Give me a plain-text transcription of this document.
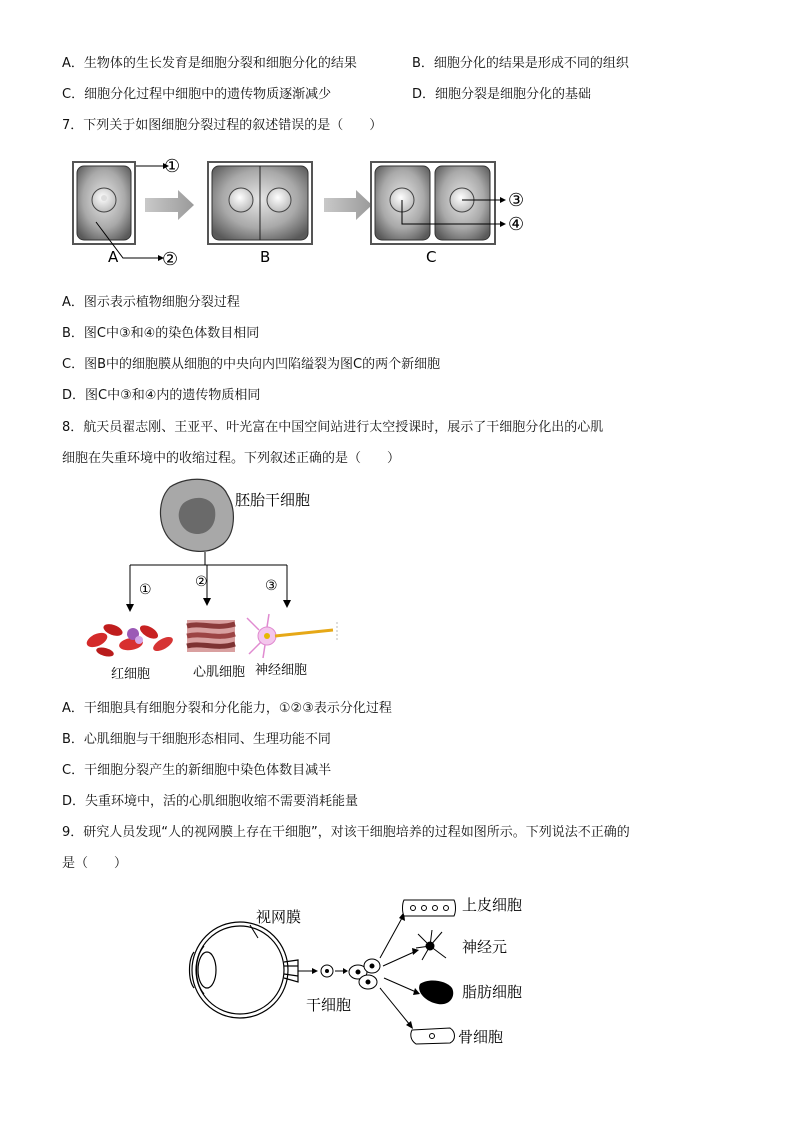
A．生物体的生长发育是细胞分裂和细胞分化的结果	B．细胞分化的结果是形成不同的组织
C．细胞分化过程中细胞中的遗传物质逐渐减少	D．细胞分裂是细胞分化的基础
7．下列关于如图细胞分裂过程的叙述错误的是（　　）
①
②
A	B
③
④
C
A．图示表示植物细胞分裂过程
B．图C中③和④的染色体数目相同
C．图B中的细胞膜从细胞的中央向内凹陷缢裂为图C的两个新细胞
D．图C中③和④内的遗传物质相同
8．航天员翟志刚、王亚平、叶光富在中国空间站进行太空授课时，展示了干细胞分化出的心肌
细胞在失重环境中的收缩过程。下列叙述正确的是（　　）
胚胎干细胞
①	②	③
红细胞	心肌细胞 神经细胞
A．干细胞具有细胞分裂和分化能力，①②③表示分化过程
B．心肌细胞与干细胞形态相同、生理功能不同
C．干细胞分裂产生的新细胞中染色体数目减半
D．失重环境中，活的心肌细胞收缩不需要消耗能量
9．研究人员发现“人的视网膜上存在干细胞”，对该干细胞培养的过程如图所示。下列说法不正确的
是（　　）
视网膜
干细胞
上皮细胞
神经元
脂肪细胞
骨细胞
